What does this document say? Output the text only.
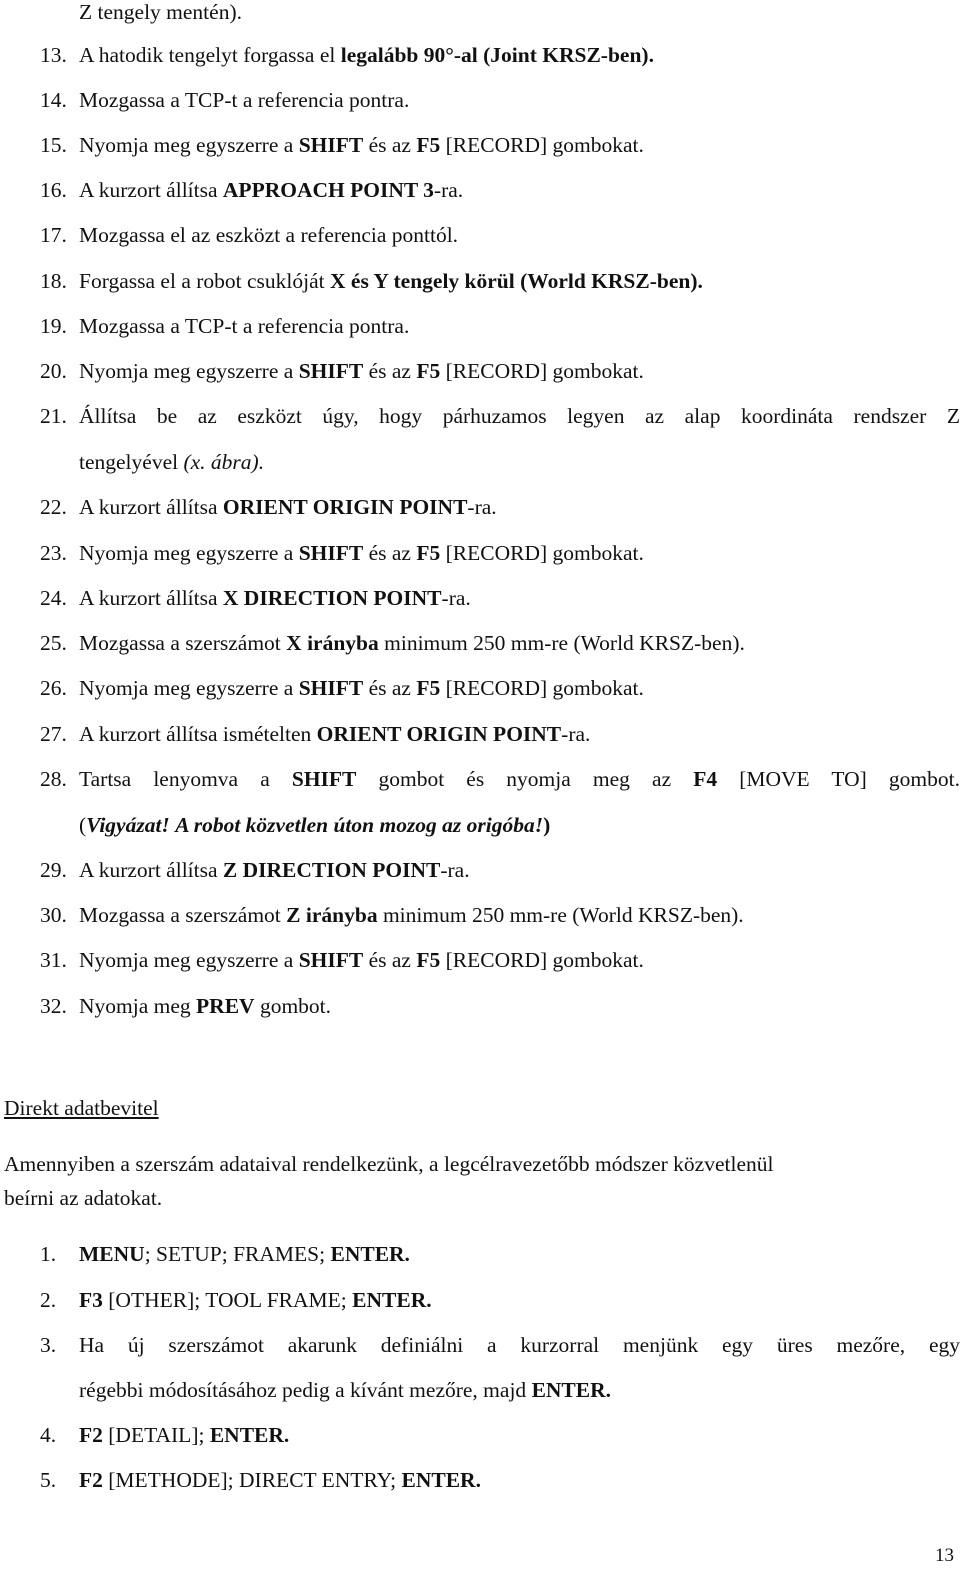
Z tengely mentén).
13. A hatodik tengelyt forgassa el legalább 90°-al (Joint KRSZ-ben).
14. Mozgassa a TCP-t a referencia pontra.
15. Nyomja meg egyszerre a SHIFT és az F5 [RECORD] gombokat.
16. A kurzort állítsa APPROACH POINT 3-ra.
17. Mozgassa el az eszközt a referencia ponttól.
18. Forgassa el a robot csuklóját X és Y tengely körül (World KRSZ-ben).
19. Mozgassa a TCP-t a referencia pontra.
20. Nyomja meg egyszerre a SHIFT és az F5 [RECORD] gombokat.
21. Állítsa be az eszközt úgy, hogy párhuzamos legyen az alap koordináta rendszer Z
tengelyével (x. ábra).
22. A kurzort állítsa ORIENT ORIGIN POINT-ra.
23. Nyomja meg egyszerre a SHIFT és az F5 [RECORD] gombokat.
24. A kurzort állítsa X DIRECTION POINT-ra.
25. Mozgassa a szerszámot X irányba minimum 250 mm-re (World KRSZ-ben).
26. Nyomja meg egyszerre a SHIFT és az F5 [RECORD] gombokat.
27. A kurzort állítsa ismételten ORIENT ORIGIN POINT-ra.
28. Tartsa lenyomva a SHIFT gombot és nyomja meg az F4 [MOVE TO] gombot.
(Vigyázat! A robot közvetlen úton mozog az origóba!)
29. A kurzort állítsa Z DIRECTION POINT-ra.
30. Mozgassa a szerszámot Z irányba minimum 250 mm-re (World KRSZ-ben).
31. Nyomja meg egyszerre a SHIFT és az F5 [RECORD] gombokat.
32. Nyomja meg PREV gombot.
Direkt adatbevitel
Amennyiben a szerszám adataival rendelkezünk, a legcélravezetőbb módszer közvetlenül
beírni az adatokat.
1. MENU; SETUP; FRAMES; ENTER.
2. F3 [OTHER]; TOOL FRAME; ENTER.
3. Ha új szerszámot akarunk definiálni a kurzorral menjünk egy üres mezőre, egy
régebbi módosításához pedig a kívánt mezőre, majd ENTER.
4. F2 [DETAIL]; ENTER.
5. F2 [METHODE]; DIRECT ENTRY; ENTER.
13
